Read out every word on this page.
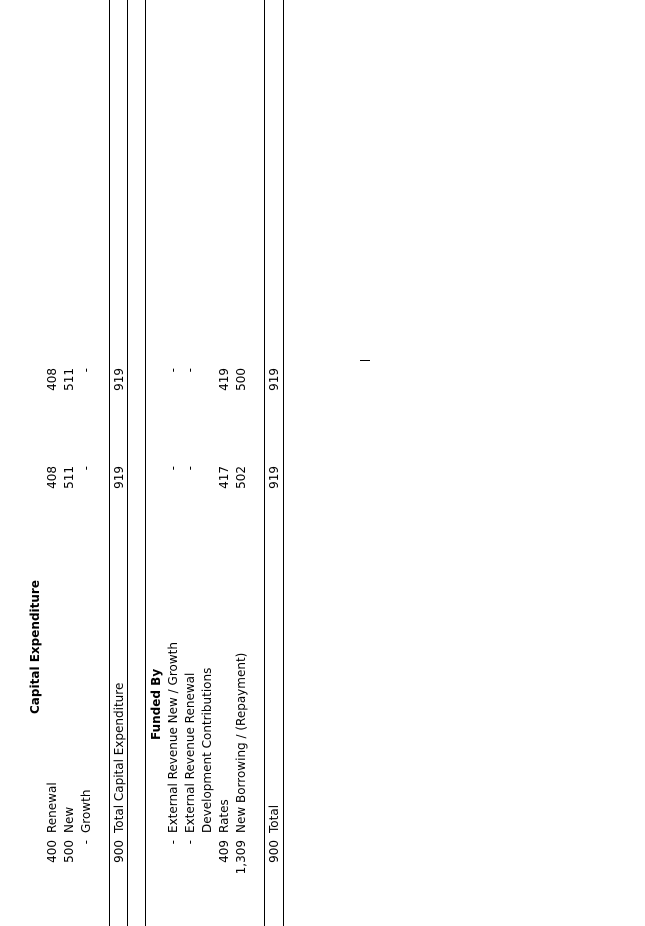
Capital Expenditure
400
Renewal
408
408
500
New
511
511
-
Growth
-
-
900
Total Capital Expenditure
919
919
Funded By
-
External Revenue New / Growth
-
-
-
External Revenue Renewal
-
-
Development Contributions
409
Rates
417
419
1,309
New Borrowing / (Repayment)
502
500
900
Total
919
919
